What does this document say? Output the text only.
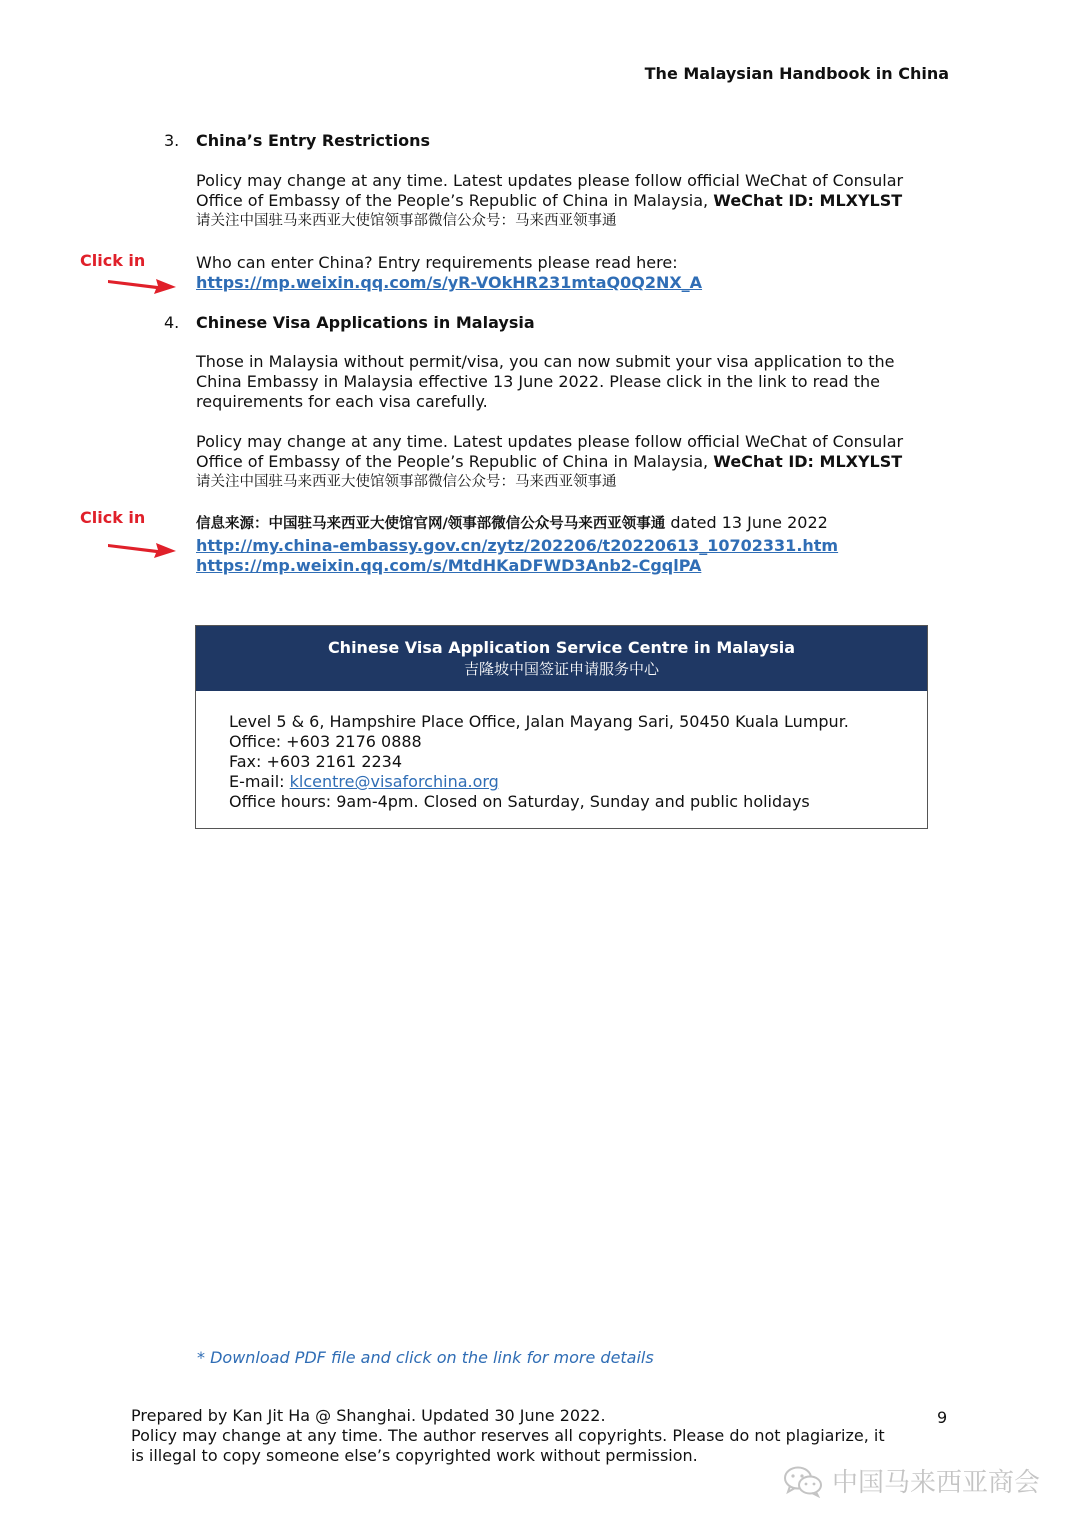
The Malaysian Handbook in China
3. China’s Entry Restrictions
Policy may change at any time. Latest updates please follow official WeChat of Consular Office of Embassy of the People’s Republic of China in Malaysia, WeChat ID: MLXYLST
请关注中国驻马来西亚大使馆领事部微信公众号：马来西亚领事通
Click in	Who can enter China? Entry requirements please read here:
https://mp.weixin.qq.com/s/yR-VOkHR231mtaQ0Q2NX_A
4. Chinese Visa Applications in Malaysia
Those in Malaysia without permit/visa, you can now submit your visa application to the China Embassy in Malaysia effective 13 June 2022. Please click in the link to read the requirements for each visa carefully.
Policy may change at any time. Latest updates please follow official WeChat of Consular Office of Embassy of the People’s Republic of China in Malaysia, WeChat ID: MLXYLST
请关注中国驻马来西亚大使馆领事部微信公众号：马来西亚领事通
Click in	信息来源：中国驻马来西亚大使馆官网/领事部微信公众号马来西亚领事通 dated 13 June 2022
http://my.china-embassy.gov.cn/zytz/202206/t20220613_10702331.htm
https://mp.weixin.qq.com/s/MtdHKaDFWD3Anb2-CgqlPA
Chinese Visa Application Service Centre in Malaysia
吉隆坡中国签证申请服务中心
Level 5 & 6, Hampshire Place Office, Jalan Mayang Sari, 50450 Kuala Lumpur.
Office: +603 2176 0888
Fax: +603 2161 2234
E-mail: klcentre@visaforchina.org
Office hours: 9am-4pm. Closed on Saturday, Sunday and public holidays
* Download PDF file and click on the link for more details
Prepared by Kan Jit Ha @ Shanghai. Updated 30 June 2022.
Policy may change at any time. The author reserves all copyrights. Please do not plagiarize, it
is illegal to copy someone else’s copyrighted work without permission.
9
中国马来西亚商会
